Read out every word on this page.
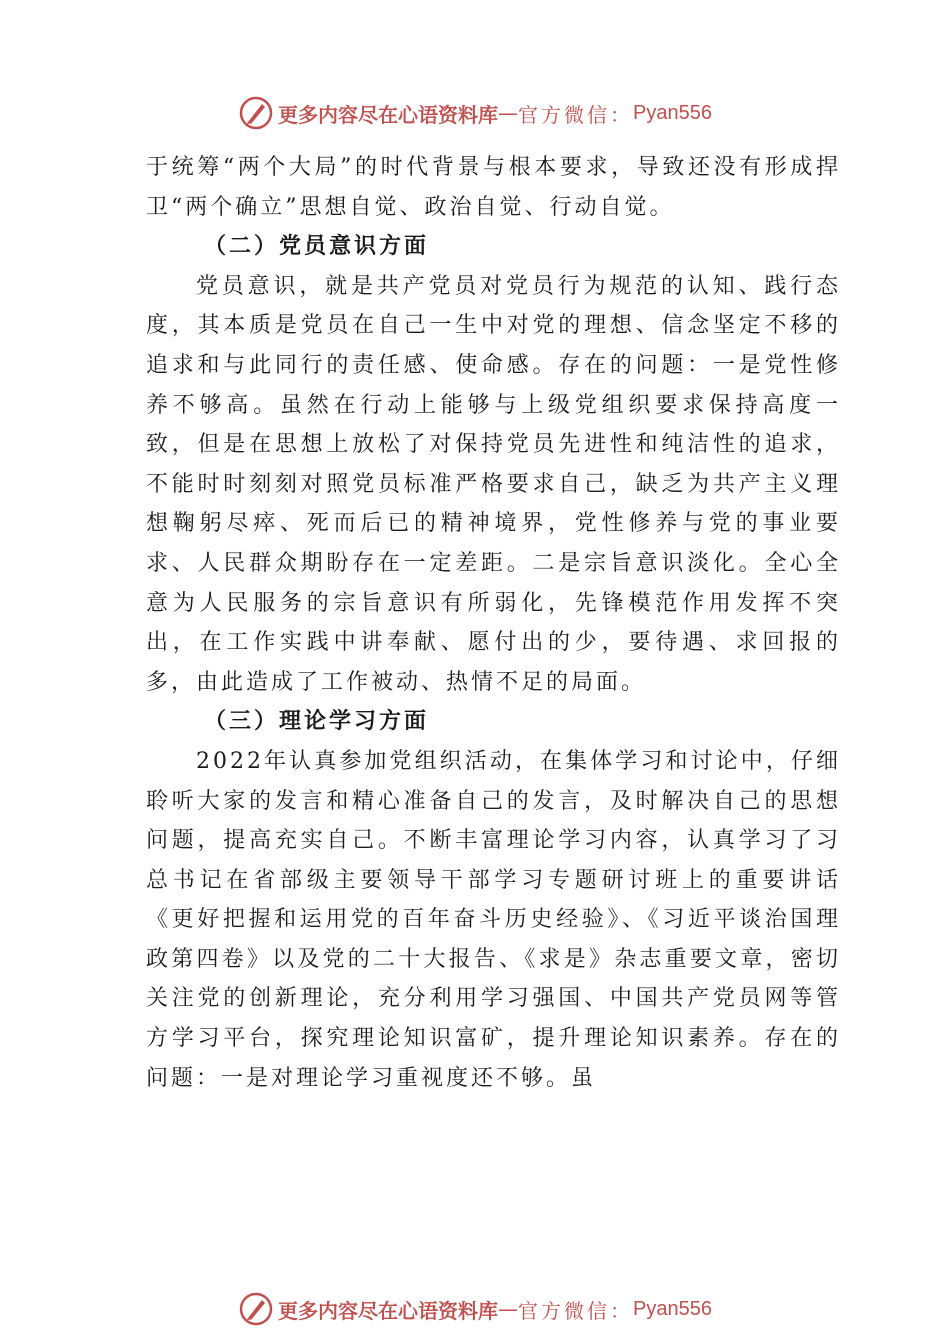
更多内容尽在心语资料库 — 官方微信： Pyan556

于统筹“两个大局”的时代背景与根本要求，导致还没有形成捍卫“两个确立”思想自觉、政治自觉、行动自觉。

（二）党员意识方面

党员意识，就是共产党员对党员行为规范的认知、践行态度，其本质是党员在自己一生中对党的理想、信念坚定不移的追求和与此同行的责任感、使命感。存在的问题：一是党性修养不够高。虽然在行动上能够与上级党组织要求保持高度一致，但是在思想上放松了对保持党员先进性和纯洁性的追求，不能时时刻刻对照党员标准严格要求自己，缺乏为共产主义理想鞠躬尽瘁、死而后已的精神境界，党性修养与党的事业要求、人民群众期盼存在一定差距。二是宗旨意识淡化。全心全意为人民服务的宗旨意识有所弱化，先锋模范作用发挥不突出，在工作实践中讲奉献、愿付出的少，要待遇、求回报的多，由此造成了工作被动、热情不足的局面。

（三）理论学习方面

2022年认真参加党组织活动，在集体学习和讨论中，仔细聆听大家的发言和精心准备自己的发言，及时解决自己的思想问题，提高充实自己。不断丰富理论学习内容，认真学习了习总书记在省部级主要领导干部学习专题研讨班上的重要讲话《更好把握和运用党的百年奋斗历史经验》、《习近平谈治国理政第四卷》以及党的二十大报告、《求是》杂志重要文章，密切关注党的创新理论，充分利用学习强国、中国共产党员网等管方学习平台，探究理论知识富矿，提升理论知识素养。存在的问题：一是对理论学习重视度还不够。虽

更多内容尽在心语资料库 — 官方微信： Pyan556
